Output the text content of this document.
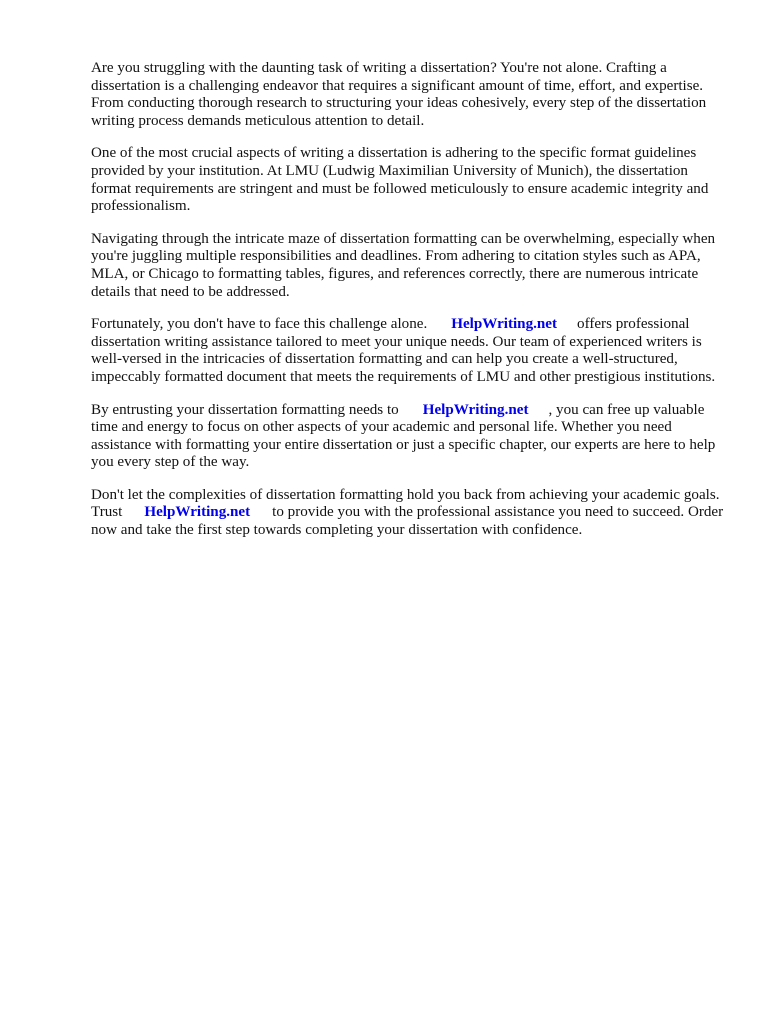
Are you struggling with the daunting task of writing a dissertation? You're not alone. Crafting a dissertation is a challenging endeavor that requires a significant amount of time, effort, and expertise. From conducting thorough research to structuring your ideas cohesively, every step of the dissertation writing process demands meticulous attention to detail.

One of the most crucial aspects of writing a dissertation is adhering to the specific format guidelines provided by your institution. At LMU (Ludwig Maximilian University of Munich), the dissertation format requirements are stringent and must be followed meticulously to ensure academic integrity and professionalism.

Navigating through the intricate maze of dissertation formatting can be overwhelming, especially when you're juggling multiple responsibilities and deadlines. From adhering to citation styles such as APA, MLA, or Chicago to formatting tables, figures, and references correctly, there are numerous intricate details that need to be addressed.

Fortunately, you don't have to face this challenge alone. HelpWriting.net offers professional dissertation writing assistance tailored to meet your unique needs. Our team of experienced writers is well-versed in the intricacies of dissertation formatting and can help you create a well-structured, impeccably formatted document that meets the requirements of LMU and other prestigious institutions.

By entrusting your dissertation formatting needs to HelpWriting.net , you can free up valuable time and energy to focus on other aspects of your academic and personal life. Whether you need assistance with formatting your entire dissertation or just a specific chapter, our experts are here to help you every step of the way.

Don't let the complexities of dissertation formatting hold you back from achieving your academic goals. Trust HelpWriting.net to provide you with the professional assistance you need to succeed. Order now and take the first step towards completing your dissertation with confidence.
